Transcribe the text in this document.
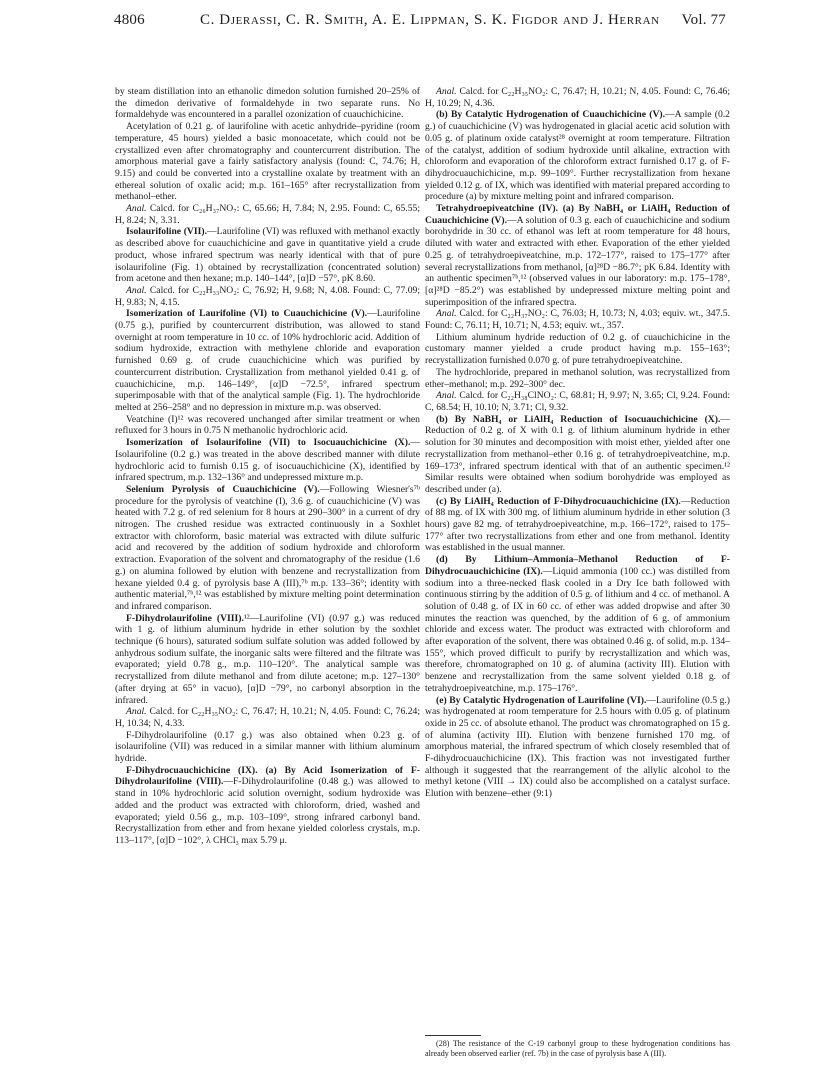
4806	C. Djerassi, C. R. Smith, A. E. Lippman, S. K. Figdor and J. Herran Vol. 77

by steam distillation into an ethanolic dimedon solution furnished 20–25% of the dimedon derivative of formaldehyde in two separate runs. No formaldehyde was encountered in a parallel ozonization of cuauchichicine.

Acetylation of 0.21 g. of laurifoline with acetic anhydride–pyridine (room temperature, 45 hours) yielded a basic monoacetate, which could not be crystallized even after chromatography and countercurrent distribution. The amorphous material gave a fairly satisfactory analysis (found: C, 74.76; H, 9.15) and could be converted into a crystalline oxalate by treatment with an ethereal solution of oxalic acid; m.p. 161–165° after recrystallization from methanol–ether.

Anal. Calcd. for C₂₆H₃₇NO₇: C, 65.66; H, 7.84; N, 2.95. Found: C, 65.55; H, 8.24; N, 3.31.

Isolaurifoline (VII).—Laurifoline (VI) was refluxed with methanol exactly as described above for cuauchichicine and gave in quantitative yield a crude product, whose infrared spectrum was nearly identical with that of pure isolaurifoline (Fig. 1) obtained by recrystallization (concentrated solution) from acetone and then hexane; m.p. 140–144°, [α]D −57°, pK 8.60.

Anal. Calcd. for C₂₂H₃₃NO₂: C, 76.92; H, 9.68; N, 4.08. Found: C, 77.09; H, 9.83; N, 4.15.

Isomerization of Laurifoline (VI) to Cuauchichicine (V).—Laurifoline (0.75 g.), purified by countercurrent distribution, was allowed to stand overnight at room temperature in 10 cc. of 10% hydrochloric acid. Addition of sodium hydroxide, extraction with methylene chloride and evaporation furnished 0.69 g. of crude cuauchichicine which was purified by countercurrent distribution. Crystallization from methanol yielded 0.41 g. of cuauchichicine, m.p. 146–149°, [α]D −72.5°, infrared spectrum superimposable with that of the analytical sample (Fig. 1). The hydrochloride melted at 256–258° and no depression in mixture m.p. was observed.

Veatchine (I)¹² was recovered unchanged after similar treatment or when refluxed for 3 hours in 0.75 N methanolic hydrochloric acid.

Isomerization of Isolaurifoline (VII) to Isocuauchichicine (X).—Isolaurifoline (0.2 g.) was treated in the above described manner with dilute hydrochloric acid to furnish 0.15 g. of isocuauchichicine (X), identified by infrared spectrum, m.p. 132–136° and undepressed mixture m.p.

Selenium Pyrolysis of Cuauchichicine (V).—Following Wiesner's⁷ᵇ procedure for the pyrolysis of veatchine (I), 3.6 g. of cuauchichicine (V) was heated with 7.2 g. of red selenium for 8 hours at 290–300° in a current of dry nitrogen. The crushed residue was extracted continuously in a Soxhlet extractor with chloroform, basic material was extracted with dilute sulfuric acid and recovered by the addition of sodium hydroxide and chloroform extraction. Evaporation of the solvent and chromatography of the residue (1.6 g.) on alumina followed by elution with benzene and recrystallization from hexane yielded 0.4 g. of pyrolysis base A (III),⁷ᵇ m.p. 133–36°; identity with authentic material,⁷ᵇ,¹² was established by mixture melting point determination and infrared comparison.

F-Dihydrolaurifoline (VIII).¹²—Laurifoline (VI) (0.97 g.) was reduced with 1 g. of lithium aluminum hydride in ether solution by the soxhlet technique (6 hours), saturated sodium sulfate solution was added followed by anhydrous sodium sulfate, the inorganic salts were filtered and the filtrate was evaporated; yield 0.78 g., m.p. 110–120°. The analytical sample was recrystallized from dilute methanol and from dilute acetone; m.p. 127–130° (after drying at 65° in vacuo), [α]D −79°, no carbonyl absorption in the infrared.

Anal. Calcd. for C₂₂H₃₅NO₂: C, 76.47; H, 10.21; N, 4.05. Found: C, 76.24; H, 10.34; N, 4.33.

F-Dihydrolaurifoline (0.17 g.) was also obtained when 0.23 g. of isolaurifoline (VII) was reduced in a similar manner with lithium aluminum hydride.

F-Dihydrocuauchichicine (IX). (a) By Acid Isomerization of F-Dihydrolaurifoline (VIII).—F-Dihydrolaurifoline (0.48 g.) was allowed to stand in 10% hydrochloric acid solution overnight, sodium hydroxide was added and the product was extracted with chloroform, dried, washed and evaporated; yield 0.56 g., m.p. 103–109°, strong infrared carbonyl band. Recrystallization from ether and from hexane yielded colorless crystals, m.p. 113–117°, [α]D −102°, λ CHCl₃ max 5.79 μ.

Anal. Calcd. for C₂₂H₃₅NO₂: C, 76.47; H, 10.21; N, 4.05. Found: C, 76.46; H, 10.29; N, 4.36.

(b) By Catalytic Hydrogenation of Cuauchichicine (V).—A sample (0.2 g.) of cuauchichicine (V) was hydrogenated in glacial acetic acid solution with 0.05 g. of platinum oxide catalyst²⁸ overnight at room temperature. Filtration of the catalyst, addition of sodium hydroxide until alkaline, extraction with chloroform and evaporation of the chloroform extract furnished 0.17 g. of F-dihydrocuauchichicine, m.p. 99–109°. Further recrystallization from hexane yielded 0.12 g. of IX, which was identified with material prepared according to procedure (a) by mixture melting point and infrared comparison.

Tetrahydroepiveatchine (IV). (a) By NaBH₄ or LiAlH₄ Reduction of Cuauchichicine (V).—A solution of 0.3 g. each of cuauchichicine and sodium borohydride in 30 cc. of ethanol was left at room temperature for 48 hours, diluted with water and extracted with ether. Evaporation of the ether yielded 0.25 g. of tetrahydroepiveatchine, m.p. 172–177°, raised to 175–177° after several recrystallizations from methanol, [α]²⁸D −86.7°; pK 6.84. Identity with an authentic specimen⁷ᵇ,¹² (observed values in our laboratory: m.p. 175–178°, [α]²⁸D −85.2°) was established by undepressed mixture melting point and superimposition of the infrared spectra.

Anal. Calcd. for C₂₂H₃₇NO₂: C, 76.03; H, 10.73; N, 4.03; equiv. wt., 347.5. Found: C, 76.11; H, 10.71; N, 4.53; equiv. wt., 357.

Lithium aluminum hydride reduction of 0.2 g. of cuauchichicine in the customary manner yielded a crude product having m.p. 155–163°; recrystallization furnished 0.070 g. of pure tetrahydroepiveatchine.

The hydrochloride, prepared in methanol solution, was recrystallized from ether–methanol; m.p. 292–300° dec.

Anal. Calcd. for C₂₂H₃₈ClNO₂: C, 68.81; H, 9.97; N, 3.65; Cl, 9.24. Found: C, 68.54; H, 10.10; N, 3.71; Cl, 9.32.

(b) By NaBH₄ or LiAlH₄ Reduction of Isocuauchichicine (X).—Reduction of 0.2 g. of X with 0.1 g. of lithium aluminum hydride in ether solution for 30 minutes and decomposition with moist ether, yielded after one recrystallization from methanol–ether 0.16 g. of tetrahydroepiveatchine, m.p. 169–173°, infrared spectrum identical with that of an authentic specimen.¹² Similar results were obtained when sodium borohydride was employed as described under (a).

(c) By LiAlH₄ Reduction of F-Dihydrocuauchichicine (IX).—Reduction of 88 mg. of IX with 300 mg. of lithium aluminum hydride in ether solution (3 hours) gave 82 mg. of tetrahydroepiveatchine, m.p. 166–172°, raised to 175–177° after two recrystallizations from ether and one from methanol. Identity was established in the usual manner.

(d) By Lithium–Ammonia–Methanol Reduction of F-Dihydrocuauchichicine (IX).—Liquid ammonia (100 cc.) was distilled from sodium into a three-necked flask cooled in a Dry Ice bath followed with continuous stirring by the addition of 0.5 g. of lithium and 4 cc. of methanol. A solution of 0.48 g. of IX in 60 cc. of ether was added dropwise and after 30 minutes the reaction was quenched, by the addition of 6 g. of ammonium chloride and excess water. The product was extracted with chloroform and after evaporation of the solvent, there was obtained 0.46 g. of solid, m.p. 134–155°, which proved difficult to purify by recrystallization and which was, therefore, chromatographed on 10 g. of alumina (activity III). Elution with benzene and recrystallization from the same solvent yielded 0.18 g. of tetrahydroepiveatchine, m.p. 175–176°.

(e) By Catalytic Hydrogenation of Laurifoline (VI).—Laurifoline (0.5 g.) was hydrogenated at room temperature for 2.5 hours with 0.05 g. of platinum oxide in 25 cc. of absolute ethanol. The product was chromatographed on 15 g. of alumina (activity III). Elution with benzene furnished 170 mg. of amorphous material, the infrared spectrum of which closely resembled that of F-dihydrocuauchichicine (IX). This fraction was not investigated further although it suggested that the rearrangement of the allylic alcohol to the methyl ketone (VIII → IX) could also be accomplished on a catalyst surface. Elution with benzene–ether (9:1)

(28) The resistance of the C-19 carbonyl group to these hydrogenation conditions has already been observed earlier (ref. 7b) in the case of pyrolysis base A (III).
